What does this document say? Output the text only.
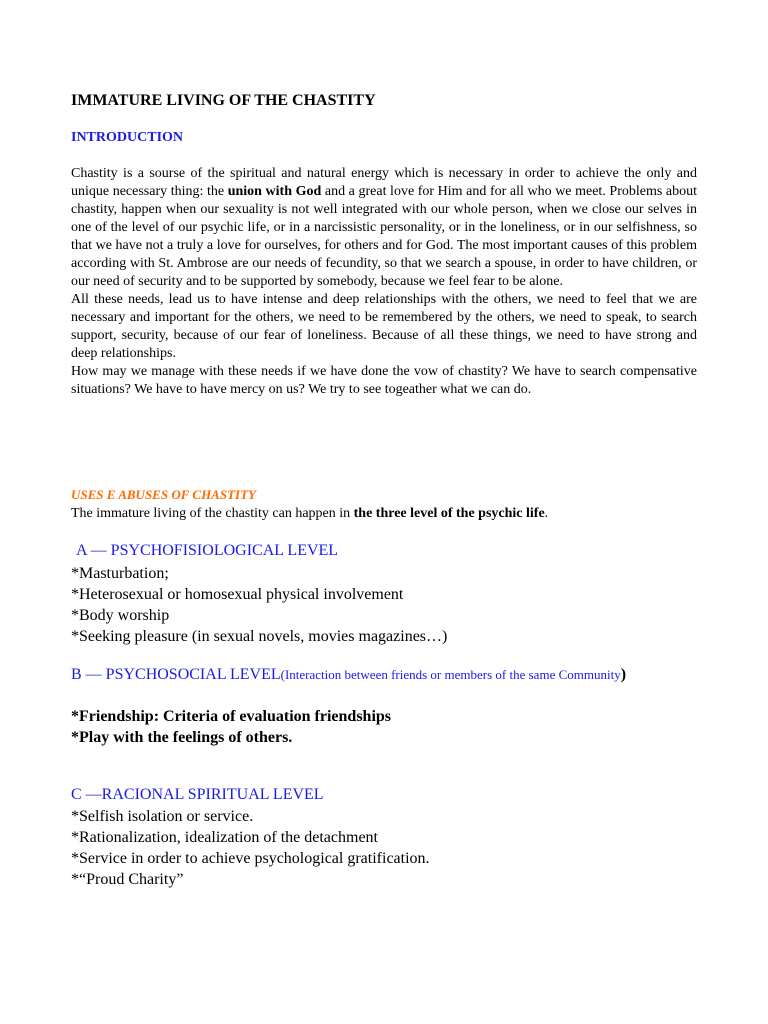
IMMATURE LIVING OF THE CHASTITY
INTRODUCTION

Chastity is a sourse of the spiritual and natural energy which is necessary in order to achieve the only and unique necessary thing: the union with God and a great love for Him and for all who we meet. Problems about chastity, happen when our sexuality is not well integrated with our whole person, when we close our selves in one of the level of our psychic life, or in a narcissistic personality, or in the loneliness, or in our selfishness, so that we have not a truly a love for ourselves, for others and for God. The most important causes of this problem according with St. Ambrose are our needs of fecundity, so that we search a spouse, in order to have children, or our need of security and to be supported by somebody, because we feel fear to be alone.

All these needs, lead us to have intense and deep relationships with the others, we need to feel that we are necessary and important for the others, we need to be remembered by the others, we need to speak, to search support, security, because of our fear of loneliness. Because of all these things, we need to have strong and deep relationships.

How may we manage with these needs if we have done the vow of chastity? We have to search compensative situations? We have to have mercy on us? We try to see togeather what we can do.

USES E ABUSES OF CHASTITY
The immature living of the chastity can happen in the three level of the psychic life.
A — PSYCHOFISIOLOGICAL LEVEL
*Masturbation;
*Heterosexual or homosexual physical involvement
*Body worship
*Seeking pleasure (in sexual novels, movies magazines…)
B — PSYCHOSOCIAL LEVEL(Interaction between friends or members of the same Community)
*Friendship: Criteria of evaluation friendships
*Play with the feelings of others.
C —RACIONAL SPIRITUAL LEVEL
*Selfish isolation or service.
*Rationalization, idealization of the detachment
*Service in order to achieve psychological gratification.
*“Proud Charity”
